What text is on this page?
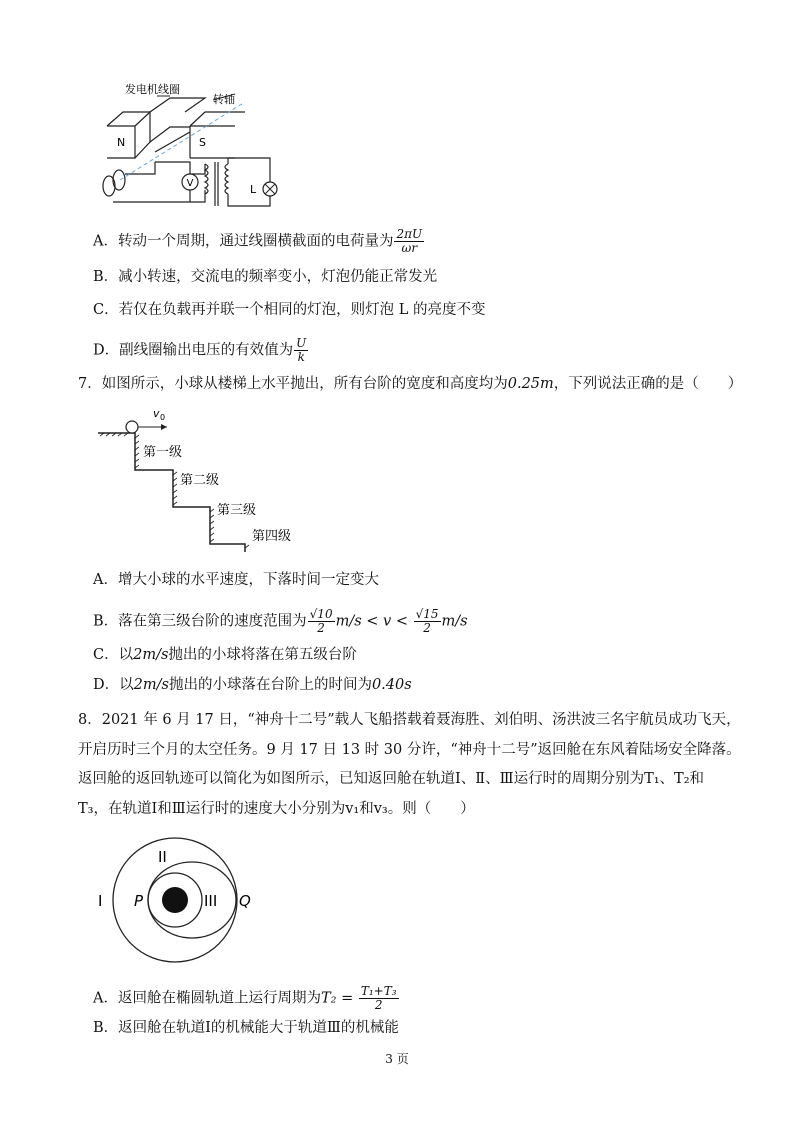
V	L
N	S
发电机线圈
转轴
A．转动一个周期，通过线圈横截面的电荷量为 $\frac{2\pi U}{\omega r}$
B．减小转速，交流电的频率变小，灯泡仍能正常发光
C．若仅在负载再并联一个相同的灯泡，则灯泡 L 的亮度不变
D．副线圈输出电压的有效值为 $\frac{U}{k}$
7．如图所示，小球从楼梯上水平抛出，所有台阶的宽度和高度均为0.25m，下列说法正确的是（　　）
v 0
第一级
第二级
第三级
第四级
A．增大小球的水平速度，下落时间一定变大
B．落在第三级台阶的速度范围为 $\frac{√10}{2} m/s < v < \frac{√15}{2} m/s$
C．以2m/s抛出的小球将落在第五级台阶
D．以2m/s抛出的小球落在台阶上的时间为0.40s
8．2021 年 6 月 17 日，“神舟十二号”载人飞船搭载着聂海胜、刘伯明、汤洪波三名宇航员成功飞天，
开启历时三个月的太空任务。9 月 17 日 13 时 30 分许，“神舟十二号”返回舱在东风着陆场安全降落。
返回舱的返回轨迹可以简化为如图所示，已知返回舱在轨道Ⅰ、Ⅱ、Ⅲ运行时的周期分别为T₁、T₂和
T₃，在轨道Ⅰ和Ⅲ运行时的速度大小分别为v₁和v₃。则（　　）
I
II
III
P	Q
A．返回舱在椭圆轨道上运行周期为$T_2 = \frac{\text{T₁+T₃}}{2}$
B．返回舱在轨道Ⅰ的机械能大于轨道Ⅲ的机械能
3 页
